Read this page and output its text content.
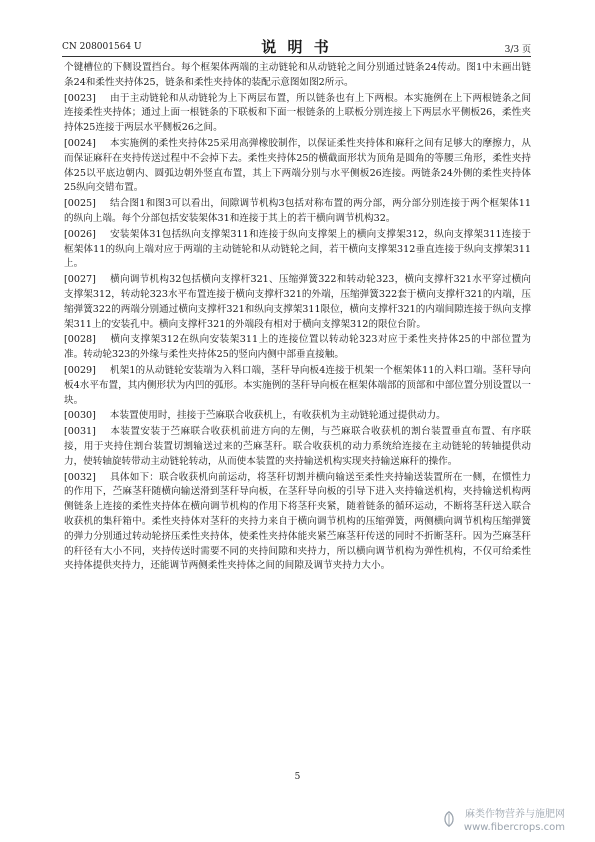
CN 208001564 U	说 明 书	3/3 页

个键槽位的下侧设置挡台。每个框架体两端的主动链轮和从动链轮之间分别通过链条24传动。图1中未画出链条24和柔性夹持体25，链条和柔性夹持体的装配示意图如图2所示。

[0023] 由于主动链轮和从动链轮为上下两层布置，所以链条也有上下两根。本实施例在上下两根链条之间连接柔性夹持体；通过上面一根链条的下联板和下面一根链条的上联板分别连接上下两层水平侧板26，柔性夹持体25连接于两层水平侧板26之间。

[0024] 本实施例的柔性夹持体25采用高弹橡胶制作，以保证柔性夹持体和麻秆之间有足够大的摩擦力，从而保证麻秆在夹持传送过程中不会掉下去。柔性夹持体25的横截面形状为顶角是圆角的等腰三角形，柔性夹持体25以平底边朝内、圆弧边朝外竖直布置，其上下两端分别与水平侧板26连接。两链条24外侧的柔性夹持体25纵向交错布置。

[0025] 结合图1和图3可以看出，间隙调节机构3包括对称布置的两分部，两分部分别连接于两个框架体11的纵向上端。每个分部包括安装架体31和连接于其上的若干横向调节机构32。

[0026] 安装架体31包括纵向支撑架311和连接于纵向支撑架上的横向支撑架312，纵向支撑架311连接于框架体11的纵向上端对应于两端的主动链轮和从动链轮之间，若干横向支撑架312垂直连接于纵向支撑架311上。

[0027] 横向调节机构32包括横向支撑杆321、压缩弹簧322和转动轮323，横向支撑杆321水平穿过横向支撑架312，转动轮323水平布置连接于横向支撑杆321的外端，压缩弹簧322套于横向支撑杆321的内端，压缩弹簧322的两端分别通过横向支撑杆321和纵向支撑架311限位，横向支撑杆321的内端间隙连接于纵向支撑架311上的安装孔中。横向支撑杆321的外端段有相对于横向支撑架312的限位台阶。

[0028] 横向支撑架312在纵向安装架311上的连接位置以转动轮323对应于柔性夹持体25的中部位置为准。转动轮323的外缘与柔性夹持体25的竖向内侧中部垂直接触。

[0029] 机架1的从动链轮安装端为入料口端，茎秆导向板4连接于机架一个框架体11的入料口端。茎秆导向板4水平布置，其内侧形状为内凹的弧形。本实施例的茎秆导向板在框架体端部的顶部和中部位置分别设置以一块。

[0030] 本装置使用时，挂接于苎麻联合收获机上，有收获机为主动链轮通过提供动力。

[0031] 本装置安装于苎麻联合收获机前进方向的左侧，与苎麻联合收获机的割台装置垂直布置、有序联接，用于夹持住割台装置切割输送过来的苎麻茎秆。联合收获机的动力系统给连接在主动链轮的转轴提供动力，使转轴旋转带动主动链轮转动，从而使本装置的夹持输送机构实现夹持输送麻秆的操作。

[0032] 具体如下：联合收获机向前运动，将茎秆切割并横向输送至柔性夹持输送装置所在一侧，在惯性力的作用下，苎麻茎秆随横向输送滑到茎秆导向板，在茎秆导向板的引导下进入夹持输送机构，夹持输送机构两侧链条上连接的柔性夹持体在横向调节机构的作用下将茎秆夹紧，随着链条的循环运动，不断将茎秆送入联合收获机的集秆箱中。柔性夹持体对茎秆的夹持力来自于横向调节机构的压缩弹簧，两侧横向调节机构压缩弹簧的弹力分别通过转动轮挤压柔性夹持体，使柔性夹持体能夹紧苎麻茎秆传送的同时不折断茎秆。因为苎麻茎秆的秆径有大小不同，夹持传送时需要不同的夹持间隙和夹持力，所以横向调节机构为弹性机构，不仅可给柔性夹持体提供夹持力，还能调节两侧柔性夹持体之间的间隙及调节夹持力大小。

5
麻类作物营养与施肥网
www.fibercrops.com
